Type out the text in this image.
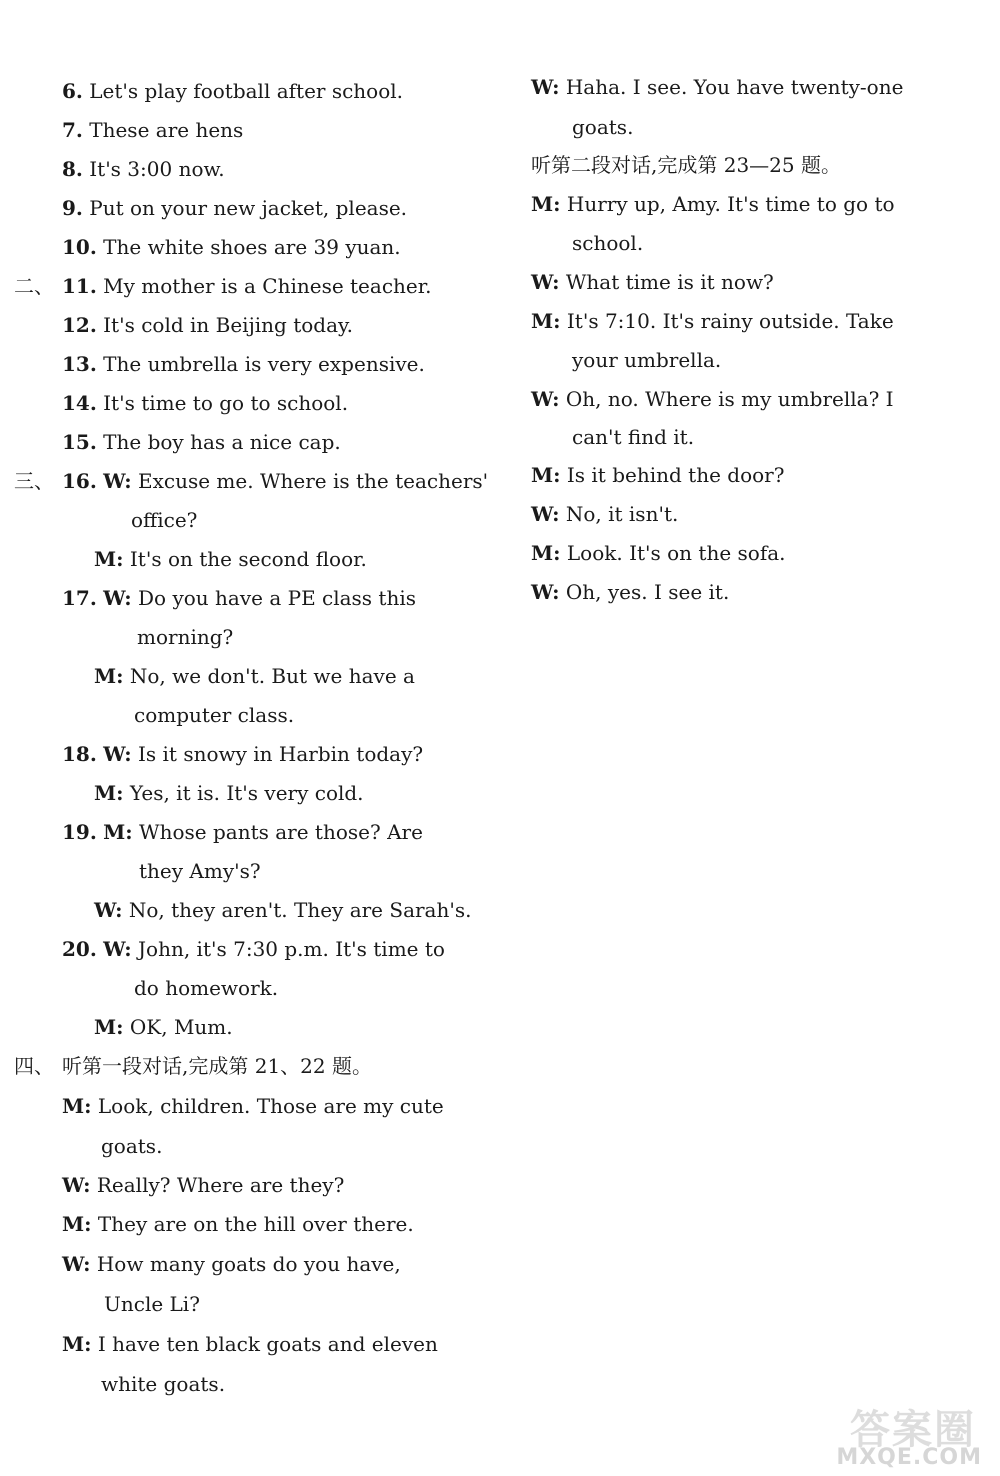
6. Let's play football after school.
7. These are hens
8. It's 3:00 now.
9. Put on your new jacket, please.
10. The white shoes are 39 yuan.
二、 11. My mother is a Chinese teacher.
12. It's cold in Beijing today.
13. The umbrella is very expensive.
14. It's time to go to school.
15. The boy has a nice cap.
三、 16. W: Excuse me. Where is the teachers'
office?
M: It's on the second floor.
17. W: Do you have a PE class this
morning?
M: No, we don't. But we have a
computer class.
18. W: Is it snowy in Harbin today?
M: Yes, it is. It's very cold.
19. M: Whose pants are those? Are
they Amy's?
W: No, they aren't. They are Sarah's.
20. W: John, it's 7:30 p.m. It's time to
do homework.
M: OK, Mum.
四、 听第一段对话,完成第 21、22 题。
M: Look, children. Those are my cute
goats.
W: Really? Where are they?
M: They are on the hill over there.
W: How many goats do you have,
Uncle Li?
M: I have ten black goats and eleven
white goats.
W: Haha. I see. You have twenty-one
goats.
听第二段对话,完成第 23—25 题。
M: Hurry up, Amy. It's time to go to
school.
W: What time is it now?
M: It's 7:10. It's rainy outside. Take
your umbrella.
W: Oh, no. Where is my umbrella? I
can't find it.
M: Is it behind the door?
W: No, it isn't.
M: Look. It's on the sofa.
W: Oh, yes. I see it.
答案圈
MXQE.COM
